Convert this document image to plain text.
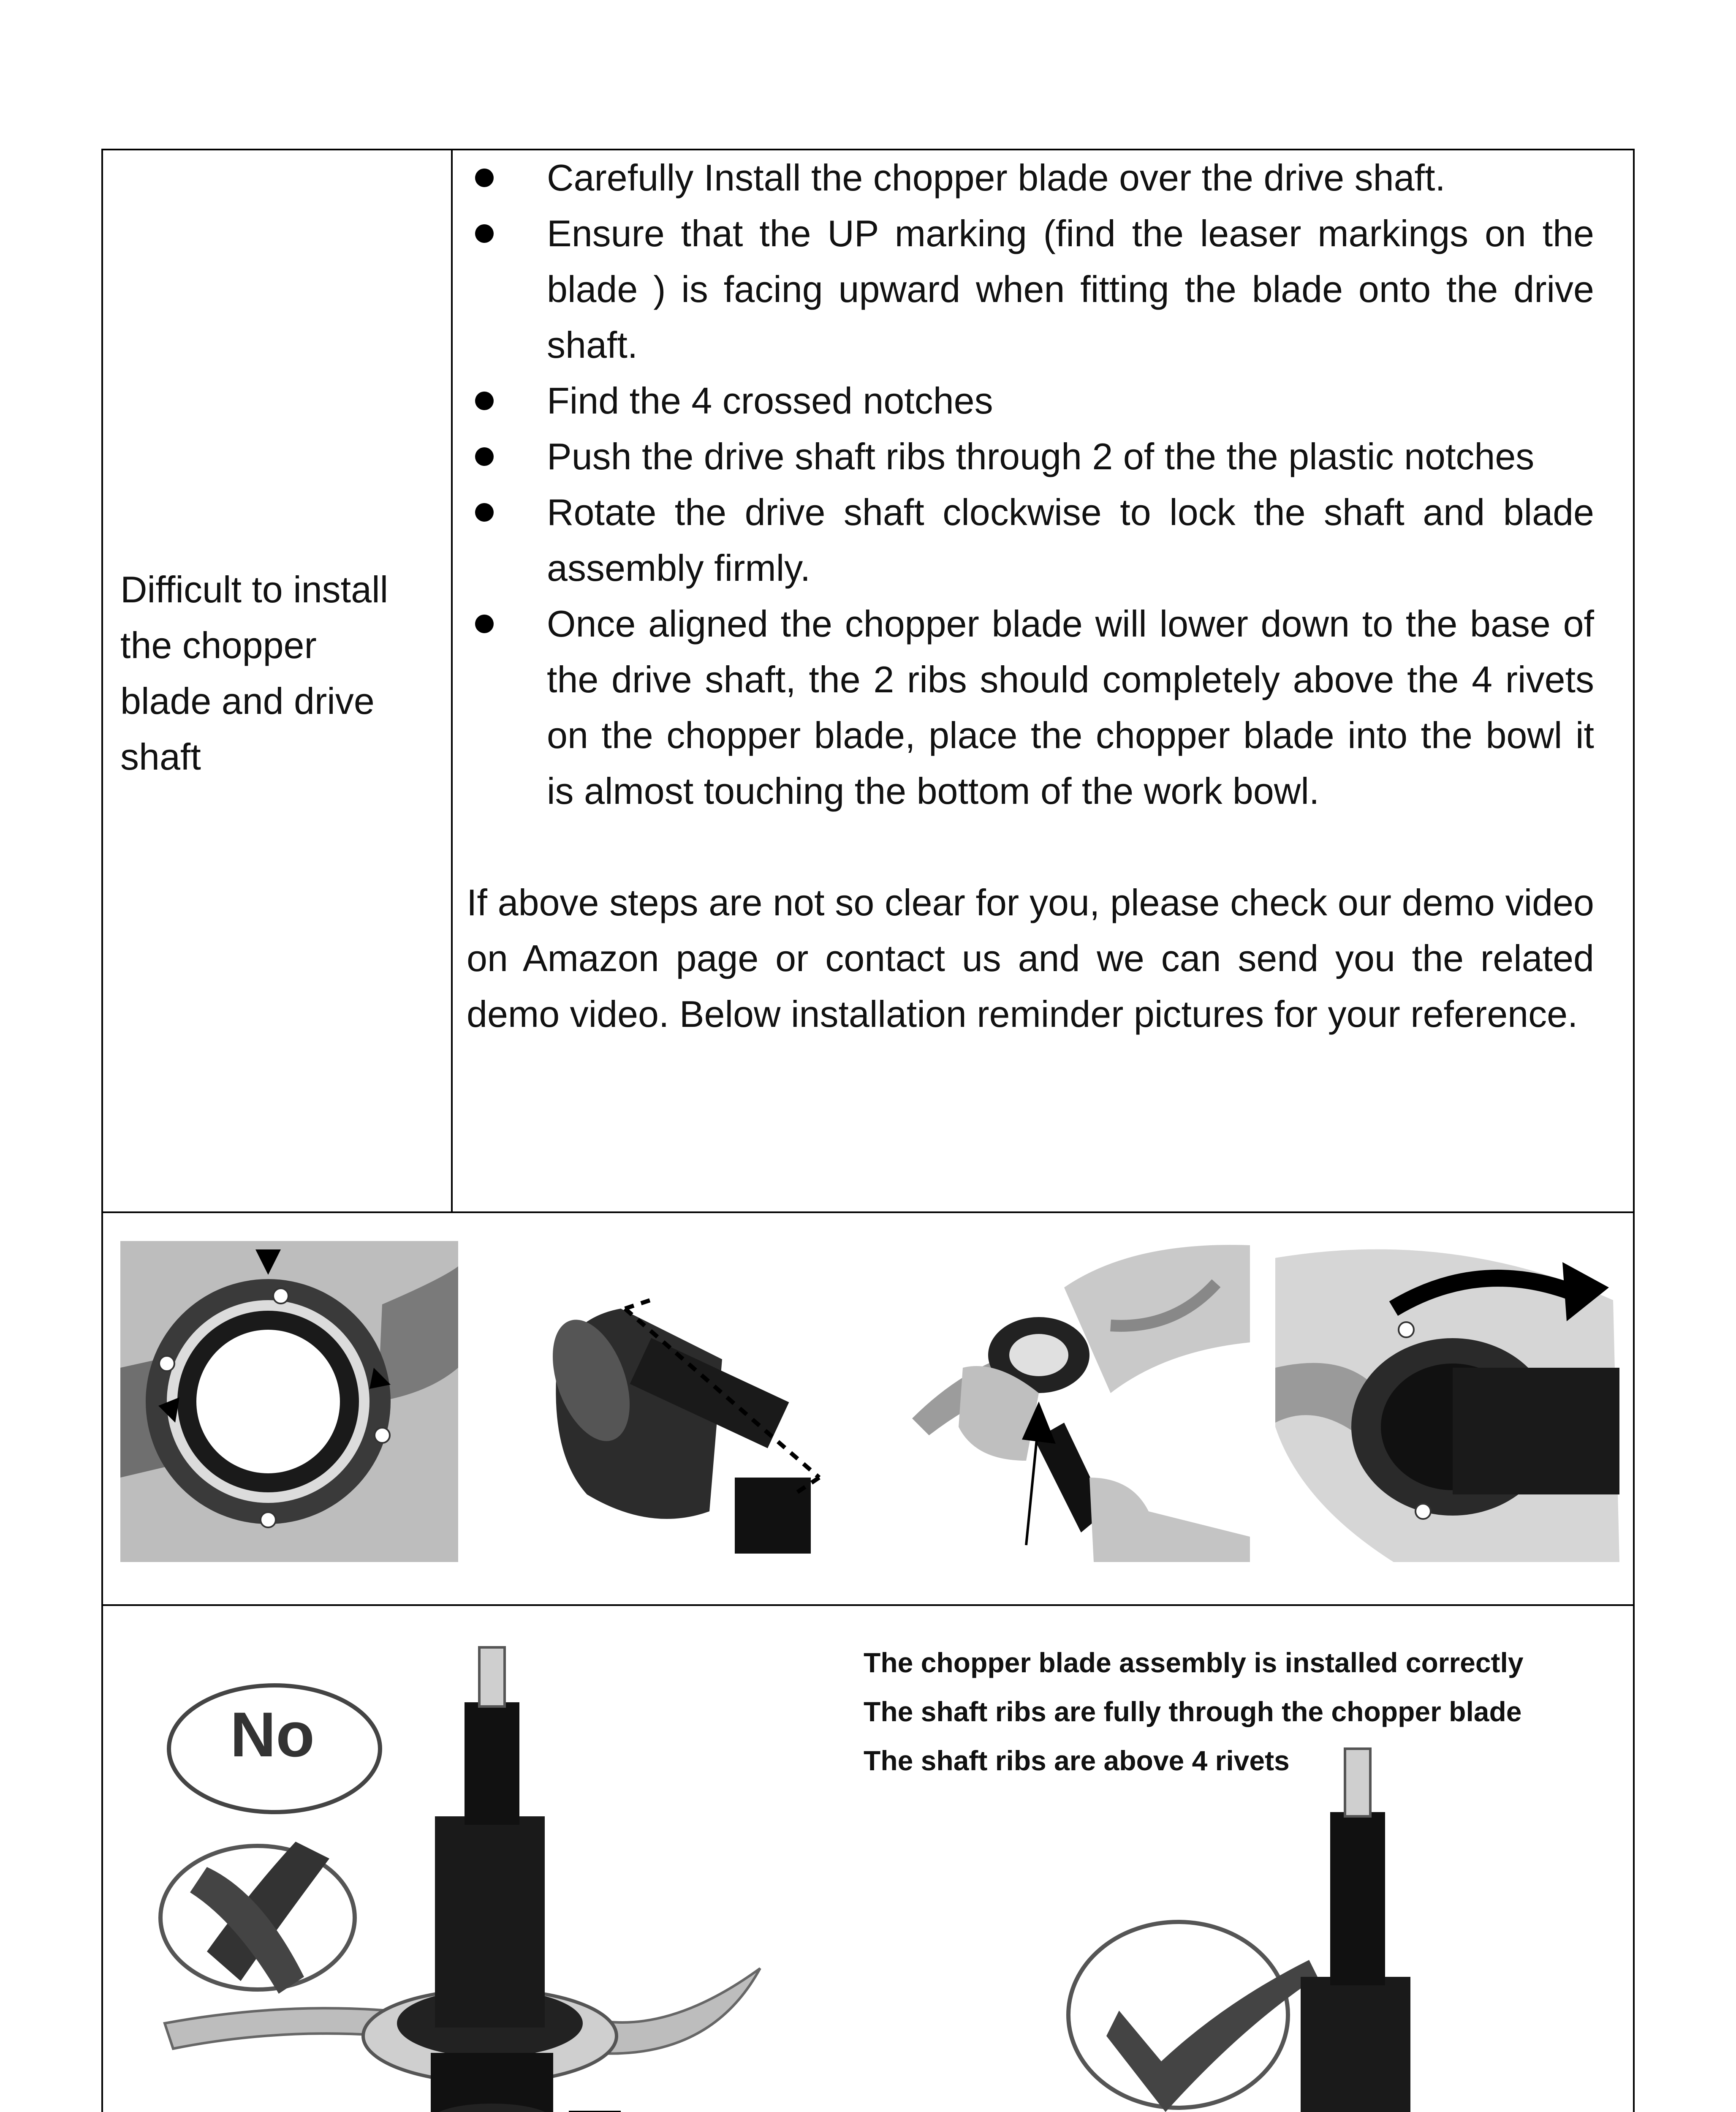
Difficult to install
the chopper
blade and drive
shaft
Carefully Install the chopper blade over the drive shaft.
Ensure that the UP marking (find the leaser markings on the blade ) is facing upward when fitting the blade onto the drive shaft.
Find the 4 crossed notches
Push the drive shaft ribs through 2 of the the plastic notches
Rotate the drive shaft clockwise to lock the shaft and blade assembly firmly.
Once aligned the chopper blade will lower down to the base of the drive shaft, the 2 ribs should completely above the 4 rivets on the chopper blade, place the chopper blade into the bowl it is almost touching the bottom of the work bowl.
If above steps are not so clear for you, please check our demo video on Amazon page or contact us and we can send you the related demo video. Below installation reminder pictures for your reference.
No
The chopper blade assembly is installed correctly
The shaft ribs are fully through the chopper blade
The shaft ribs are above 4 rivets
